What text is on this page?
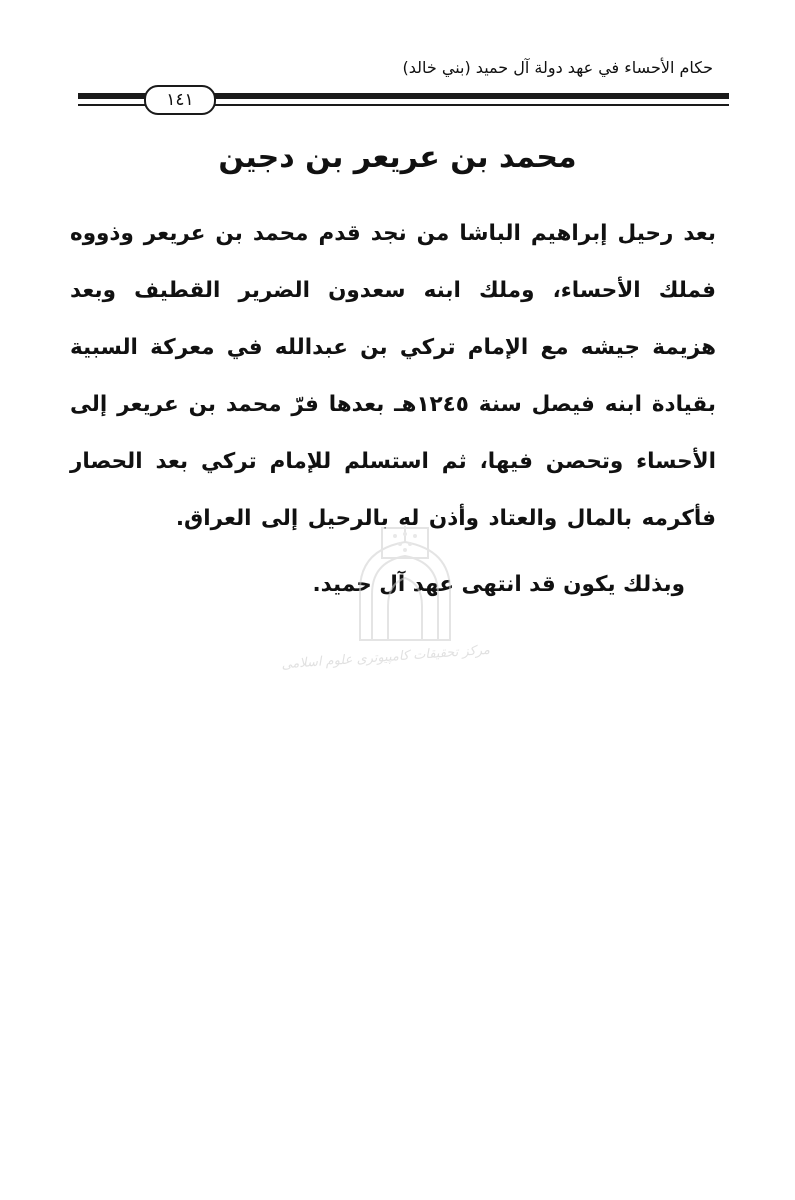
حكام الأحساء في عهد دولة آل حميد (بني خالد)
١٤١
محمد بن عريعر بن دجين

بعد رحيل إبراهيم الباشا من نجد قدم محمد بن عريعر وذووه فملك الأحساء، وملك ابنه سعدون الضرير القطيف وبعد هزيمة جيشه مع الإمام تركي بن عبدالله في معركة السبية بقيادة ابنه فيصل سنة ١٢٤٥هـ بعدها فرّ محمد بن عريعر إلى الأحساء وتحصن فيها، ثم استسلم للإمام تركي بعد الحصار فأكرمه بالمال والعتاد وأذن له بالرحيل إلى العراق.

وبذلك يكون قد انتهى عهد آل حميد.
مرکز تحقیقات کامپیوتری علوم اسلامی
